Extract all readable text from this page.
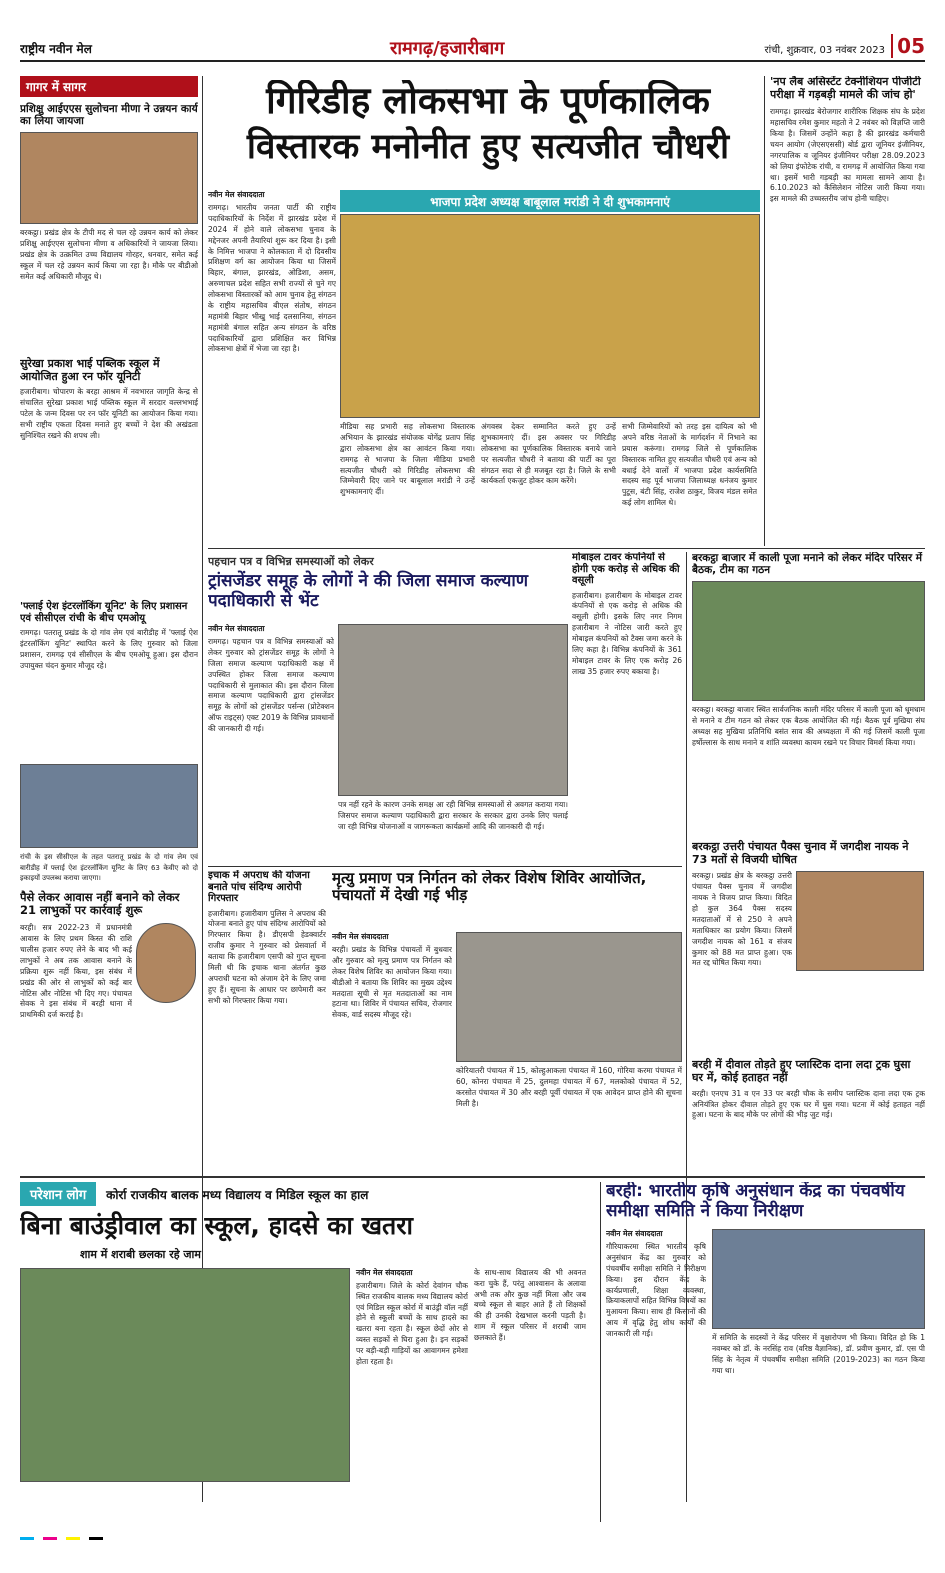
राष्ट्रीय नवीन मेल	रामगढ़/हजारीबाग	रांची, शुक्रवार, 03 नवंबर 2023 05
गागर में सागर
प्रशिक्षु आईएएस सुलोचना मीणा ने उन्नयन कार्य का लिया जायजा
बरकट्ठा। प्रखंड क्षेत्र के टीपी मद से चल रहे उन्नयन कार्य को लेकर प्रशिक्षु आईएएस सुलोचना मीणा व अधिकारियों ने जायजा लिया। प्रखंड क्षेत्र के उत्क्रमित उच्च विद्यालय गोरहर, धनवार, समेत कई स्कूल में चल रहे उन्नयन कार्य किया जा रहा है। मौके पर बीडीओ समेत कई अधिकारी मौजूद थे।
सुरेखा प्रकाश भाई पब्लिक स्कूल में आयोजित हुआ रन फॉर यूनिटी
हजारीबाग। चोपारण के बरहा आश्रम में नवभारत जागृति केन्द्र से संचालित सुरेखा प्रकाश भाई पब्लिक स्कूल में सरदार वल्लभभाई पटेल के जन्म दिवस पर रन फॉर यूनिटी का आयोजन किया गया। सभी राष्ट्रीय एकता दिवस मनाते हुए बच्चों ने देश की अखंडता सुनिश्चित रखने की शपथ ली।
'फ्लाई ऐश इंटरलॉकिंग यूनिट' के लिए प्रशासन एवं सीसीएल रांची के बीच एमओयू
रामगढ़। पतरातू प्रखंड के दो गांव लेम एवं बारीडीह में 'फ्लाई ऐश इंटरलॉकिंग यूनिट' स्थापित करने के लिए गुरुवार को जिला प्रशासन, रामगढ़ एवं सीसीएल के बीच एमओयू हुआ। इस दौरान उपायुक्त चंदन कुमार मौजूद रहे।
रांची के इस सीसीएल के तहत पतरातू प्रखंड के दो गांव लेम एवं बारीडीह में फ्लाई ऐश इंटरलॉकिंग यूनिट के लिए 63 केवीए को दो इकाइयों उपलब्ध कराया जाएगा।
पैसे लेकर आवास नहीं बनाने को लेकर 21 लाभुकों पर कार्रवाई शुरू
बरही। सत्र 2022-23 में प्रधानमंत्री आवास के लिए प्रथम किस्त की राशि चालीस हजार रुपए लेने के बाद भी कई लाभुकों ने अब तक आवास बनाने के प्रक्रिया शुरू नहीं किया, इस संबंध में प्रखंड की ओर से लाभुकों को कई बार नोटिस और नोटिस भी दिए गए। पंचायत सेवक ने इस संबंध में बरही थाना में प्राथमिकी दर्ज कराई है।
गिरिडीह लोकसभा के पूर्णकालिक
विस्तारक मनोनीत हुए सत्यजीत चौधरी
नवीन मेल संवाददाता
रामगढ़। भारतीय जनता पार्टी की राष्ट्रीय पदाधिकारियों के निर्देश में झारखंड प्रदेश में 2024 में होने वाले लोकसभा चुनाव के मद्देनजर अपनी तैयारियां शुरू कर दिया है। इसी के निमित्त भाजपा ने कोलकाता में दो दिवसीय प्रशिक्षण वर्ग का आयोजन किया था जिसमें बिहार, बंगाल, झारखंड, ओडिशा, असम, अरुणाचल प्रदेश सहित सभी राज्यों से चुने गए लोकसभा विस्तारकों को आम चुनाव हेतु संगठन के राष्ट्रीय महासचिव बीएल संतोष, संगठन महामंत्री बिहार भीखु भाई दलसानिया, संगठन महामंत्री बंगाल सहित अन्य संगठन के वरिष्ठ पदाधिकारियों द्वारा प्रशिक्षित कर विभिन्न लोकसभा क्षेत्रों में भेजा जा रहा है।
भाजपा प्रदेश अध्यक्ष बाबूलाल मरांडी ने दी शुभकामनाएं
मीडिया सह प्रभारी सह लोकसभा विस्तारक अभियान के झारखंड संयोजक योगेंद्र प्रताप सिंह द्वारा लोकसभा क्षेत्र का आवंटन किया गया। रामगढ़ से भाजपा के जिला मीडिया प्रभारी सत्यजीत चौधरी को गिरिडीह लोकसभा की जिम्मेवारी दिए जाने पर बाबूलाल मरांडी ने उन्हें शुभकामनाएं दीं।
अंगवस्त्र देकर सम्मानित करते हुए उन्हें शुभकामनाएं दीं। इस अवसर पर गिरिडीह लोकसभा का पूर्णकालिक विस्तारक बनाये जाने पर सत्यजीत चौधरी ने बताया की पार्टी का पूरा संगठन सदा से ही मजबूत रहा है। जिले के सभी कार्यकर्ता एकजुट होकर काम करेंगे।
सभी जिम्मेवारियों को तरह इस दायित्व को भी अपने वरिष्ठ नेताओं के मार्गदर्शन में निभाने का प्रयास करूंगा। रामगढ़ जिले से पूर्णकालिक विस्तारक नामित हुए सत्यजीत चौधरी एवं अन्य को बधाई देने वालों में भाजपा प्रदेश कार्यसमिति सदस्य सह पूर्व भाजपा जिलाध्यक्ष धनंजय कुमार पुटूस, बंटी सिंह, राजेश ठाकुर, विजय मंडल समेत कई लोग शामिल थे।
'नप लैब असिस्टेंट टेक्नीशियन पीजीटी परीक्षा में गड़बड़ी मामले की जांच हो'
रामगढ़। झारखंड बेरोजगार शारीरिक शिक्षक संघ के प्रदेश महासचिव रमेश कुमार महतो ने 2 नवंबर को विज्ञप्ति जारी किया है। जिसमें उन्होंने कहा है की झारखंड कर्मचारी चयन आयोग (जेएसएससी) बोर्ड द्वारा जूनियर इंजीनियर, नगरपालिक व जूनियर इंजीनियर परीक्षा 28.09.2023 को लिया इंफोटेक रांची, व रामगढ़ में आयोजित किया गया था। इसमें भारी गड़बड़ी का मामला सामने आया है। 6.10.2023 को कैंसिलेशन नोटिस जारी किया गया। इस मामले की उच्चस्तरीय जांच होनी चाहिए।
पहचान पत्र व विभिन्न समस्याओं को लेकर
ट्रांसजेंडर समूह के लोगों ने की जिला समाज कल्याण पदाधिकारी से भेंट
नवीन मेल संवाददाता
रामगढ़। पहचान पत्र व विभिन्न समस्याओं को लेकर गुरुवार को ट्रांसजेंडर समूह के लोगों ने जिला समाज कल्याण पदाधिकारी कक्ष में उपस्थित होकर जिला समाज कल्याण पदाधिकारी से मुलाकात की। इस दौरान जिला समाज कल्याण पदाधिकारी द्वारा ट्रांसजेंडर समूह के लोगों को ट्रांसजेंडर पर्सन्स (प्रोटेक्शन ऑफ राइट्स) एक्ट 2019 के विभिन्न प्रावधानों की जानकारी दी गई।
पत्र नहीं रहने के कारण उनके समक्ष आ रही विभिन्न समस्याओं से अवगत कराया गया। जिसपर समाज कल्याण पदाधिकारी द्वारा सरकार के सरकार द्वारा उनके लिए चलाई जा रही विभिन्न योजनाओं व जागरूकता कार्यक्रमों आदि की जानकारी दी गई।
मोबाइल टावर कंपनियों से होगी एक करोड़ से अधिक की वसूली
हजारीबाग। हजारीबाग के मोबाइल टावर कंपनियों से एक करोड़ से अधिक की वसूली होगी। इसके लिए नगर निगम हजारीबाग ने नोटिस जारी करते हुए मोबाइल कंपनियों को टैक्स जमा करने के लिए कहा है। विभिन्न कंपनियों के 361 मोबाइल टावर के लिए एक करोड़ 26 लाख 35 हजार रुपए बकाया है।
बरकट्ठा बाजार में काली पूजा मनाने को लेकर मंदिर परिसर में बैठक, टीम का गठन
बरकट्ठा। बरकट्ठा बाजार स्थित सार्वजनिक काली मंदिर परिसर में काली पूजा को धूमधाम से मनाने व टीम गठन को लेकर एक बैठक आयोजित की गई। बैठक पूर्व मुखिया संघ अध्यक्ष सह मुखिया प्रतिनिधि बसंत साव की अध्यक्षता में की गई जिसमें काली पूजा हर्षोल्लास के साथ मनाने व शांति व्यवस्था कायम रखने पर विचार विमर्श किया गया।
बरकट्ठा उत्तरी पंचायत पैक्स चुनाव में जगदीश नायक ने 73 मतों से विजयी घोषित
बरकट्ठा। प्रखंड क्षेत्र के बरकट्ठा उत्तरी पंचायत पैक्स चुनाव में जगदीश नायक ने विजय प्राप्त किया। विदित हो कुल 364 पैक्स सदस्य मतदाताओं में से 250 ने अपने मताधिकार का प्रयोग किया। जिसमें जगदीश नायक को 161 व संजय कुमार को 88 मत प्राप्त हुआ। एक मत रद्द घोषित किया गया।
बरही में दीवाल तोड़ते हुए प्लास्टिक दाना लदा ट्रक घुसा घर में, कोई हताहत नहीं
बरही। एनएच 31 व एन 33 पर बरही चौक के समीप प्लास्टिक दाना लदा एक ट्रक अनियंत्रित होकर दीवाल तोड़ते हुए एक घर में घुस गया। घटना में कोई हताहत नहीं हुआ। घटना के बाद मौके पर लोगों की भीड़ जुट गई।
इचाक में अपराध की योजना बनाते पांच संदिग्ध आरोपी गिरफ्तार
हजारीबाग। हजारीबाग पुलिस ने अपराध की योजना बनाते हुए पांच संदिग्ध आरोपियों को गिरफ्तार किया है। डीएसपी हेडक्वार्टर राजीव कुमार ने गुरुवार को प्रेसवार्ता में बताया कि हजारीबाग एसपी को गुप्त सूचना मिली थी कि इचाक थाना अंतर्गत कुछ अपराधी घटना को अंजाम देने के लिए जमा हुए हैं। सूचना के आधार पर छापेमारी कर सभी को गिरफ्तार किया गया।
मृत्यु प्रमाण पत्र निर्गतन को लेकर विशेष शिविर आयोजित, पंचायतों में देखी गई भीड़
नवीन मेल संवाददाता
बरही। प्रखंड के विभिन्न पंचायतों में बुधवार और गुरुवार को मृत्यु प्रमाण पत्र निर्गतन को लेकर विशेष शिविर का आयोजन किया गया। बीडीओ ने बताया कि शिविर का मुख्य उद्देश्य मतदाता सूची से मृत मतदाताओं का नाम हटाना था। शिविर में पंचायत सचिव, रोजगार सेवक, वार्ड सदस्य मौजूद रहे।
कोरियातरी पंचायत में 15, कोल्हुआकला पंचायत में 160, गोरिया करमा पंचायत में 60, कोनरा पंचायत में 25, दुलमहा पंचायत में 67, मलकोको पंचायत में 52, करसोत पंचायत में 30 और बरही पूर्वी पंचायत में एक आवेदन प्राप्त होने की सूचना मिली है।
परेशान लोग	कोर्रा राजकीय बालक मध्य विद्यालय व मिडिल स्कूल का हाल
बिना बाउंड्रीवाल का स्कूल, हादसे का खतरा
शाम में शराबी छलका रहे जाम
नवीन मेल संवाददाता
हजारीबाग। जिले के कोर्रा देवांगन चौक स्थित राजकीय बालक मध्य विद्यालय कोर्रा एवं मिडिल स्कूल कोर्रा में बाउंड्री वॉल नहीं होने से स्कूली बच्चों के साथ हादसे का खतरा बना रहता है। स्कूल छेदों ओर से व्यस्त सड़कों से घिरा हुआ है। इन सड़कों पर बड़ी-बड़ी गाड़ियों का आवागमन हमेशा होता रहता है।
के साथ-साथ विद्यालय की भी अवनत करा चुके हैं, परंतु आश्वासन के अलावा अभी तक और कुछ नहीं मिला और जब बच्चे स्कूल से बाहर आते हैं तो शिक्षकों की ही उनकी देखभाल करनी पड़ती है। शाम में स्कूल परिसर में शराबी जाम छलकाते हैं।
बरही: भारतीय कृषि अनुसंधान केंद्र का पंचवर्षीय समीक्षा समिति ने किया निरीक्षण
नवीन मेल संवाददाता
गौरियाकरमा स्थित भारतीय कृषि अनुसंधान केंद्र का गुरुवार को पंचवर्षीय समीक्षा समिति ने निरीक्षण किया। इस दौरान केंद्र के कार्यप्रणाली, शिक्षा व्यवस्था, क्रियाकलापों सहित विभिन्न विषयों का मुआयना किया। साथ ही किसानों की आय में वृद्धि हेतु शोध कार्यों की जानकारी ली गई।	में समिति के सदस्यों ने केंद्र परिसर में वृक्षारोपण भी किया। विदित हो कि 1 नवम्बर को डॉ. के नरसिंह राव (वरिष्ठ वैज्ञानिक), डॉ. प्रवीण कुमार, डॉ. एस पी सिंह के नेतृत्व में पंचवर्षीय समीक्षा समिति (2019-2023) का गठन किया गया था।
